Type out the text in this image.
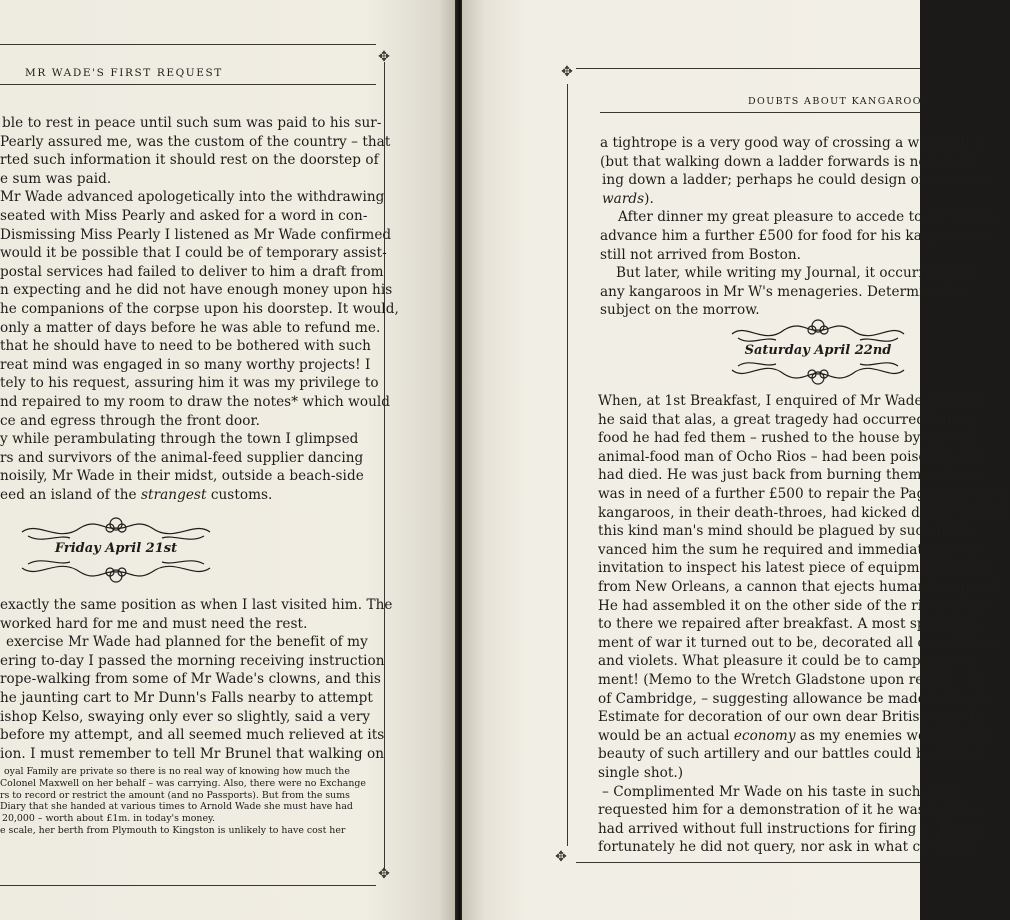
✥
✥
MR WADE'S FIRST REQUEST
ble to rest in peace until such sum was paid to his sur-
Pearly assured me, was the custom of the country – that
rted such information it should rest on the doorstep of
e sum was paid.
Mr Wade advanced apologetically into the withdrawing
seated with Miss Pearly and asked for a word in con-
Dismissing Miss Pearly I listened as Mr Wade confirmed
would it be possible that I could be of temporary assist-
postal services had failed to deliver to him a draft from
n expecting and he did not have enough money upon his
he companions of the corpse upon his doorstep. It would,
only a matter of days before he was able to refund me.
that he should have to need to be bothered with such
reat mind was engaged in so many worthy projects! I
tely to his request, assuring him it was my privilege to
nd repaired to my room to draw the notes* which would
ce and egress through the front door.
y while perambulating through the town I glimpsed
rs and survivors of the animal-feed supplier dancing
noisily, Mr Wade in their midst, outside a beach-side
eed an island of the strangest customs.
Friday April 21st
exactly the same position as when I last visited him. The
worked hard for me and must need the rest.
exercise Mr Wade had planned for the benefit of my
ering to-day I passed the morning receiving instruction
rope-walking from some of Mr Wade's clowns, and this
he jaunting cart to Mr Dunn's Falls nearby to attempt
ishop Kelso, swaying only ever so slightly, said a very
before my attempt, and all seemed much relieved at its
ion. I must remember to tell Mr Brunel that walking on
oyal Family are private so there is no real way of knowing how much the
Colonel Maxwell on her behalf – was carrying. Also, there were no Exchange
rs to record or restrict the amount (and no Passports). But from the sums
Diary that she handed at various times to Arnold Wade she must have had
20,000 – worth about £1m. in today's money.
e scale, her berth from Plymouth to Kingston is unlikely to have cost her
✥
✥
DOUBTS ABOUT KANGAROOS
a tightrope is a very good way of crossing a waterfall w
(but that walking down a ladder forwards is not a very
ing down a ladder; perhaps he could design one that yo
wards).
After dinner my great pleasure to accede to Mr W's re
advance him a further £500 for food for his kangaroos a
still not arrived from Boston.
But later, while writing my Journal, it occurred to m
any kangaroos in Mr W's menageries. Determined to
subject on the morrow.
Saturday April 22nd
When, at 1st Breakfast, I enquired of Mr Wade concern
he said that alas, a great tragedy had occurred during
food he had fed them – rushed to the house by the sur
animal-food man of Ocho Rios – had been poisoned and
had died. He was just back from burning them and now
was in need of a further £500 to repair the Pagoda in the C
kangaroos, in their death-throes, had kicked down. Seeing
this kind man's mind should be plagued by such trivia
vanced him the sum he required and immediately rece
invitation to inspect his latest piece of equipment just ar
from New Orleans, a cannon that ejects human beings int
He had assembled it on the other side of the river to the
to there we repaired after breakfast. A most splendidly
ment of war it turned out to be, decorated all over with a
and violets. What pleasure it could be to campaign wit
ment! (Memo to the Wretch Gladstone upon return – or
of Cambridge, – suggesting allowance be made in the fo
Estimate for decoration of our own dear British guns li
would be an actual economy as my enemies would be qu
beauty of such artillery and our battles could be won w
single shot.)
– Complimented Mr Wade on his taste in such a pur
requested him for a demonstration of it he was relucta
had arrived without full instructions for firing it. Explai
fortunately he did not query, nor ask in what circumst
